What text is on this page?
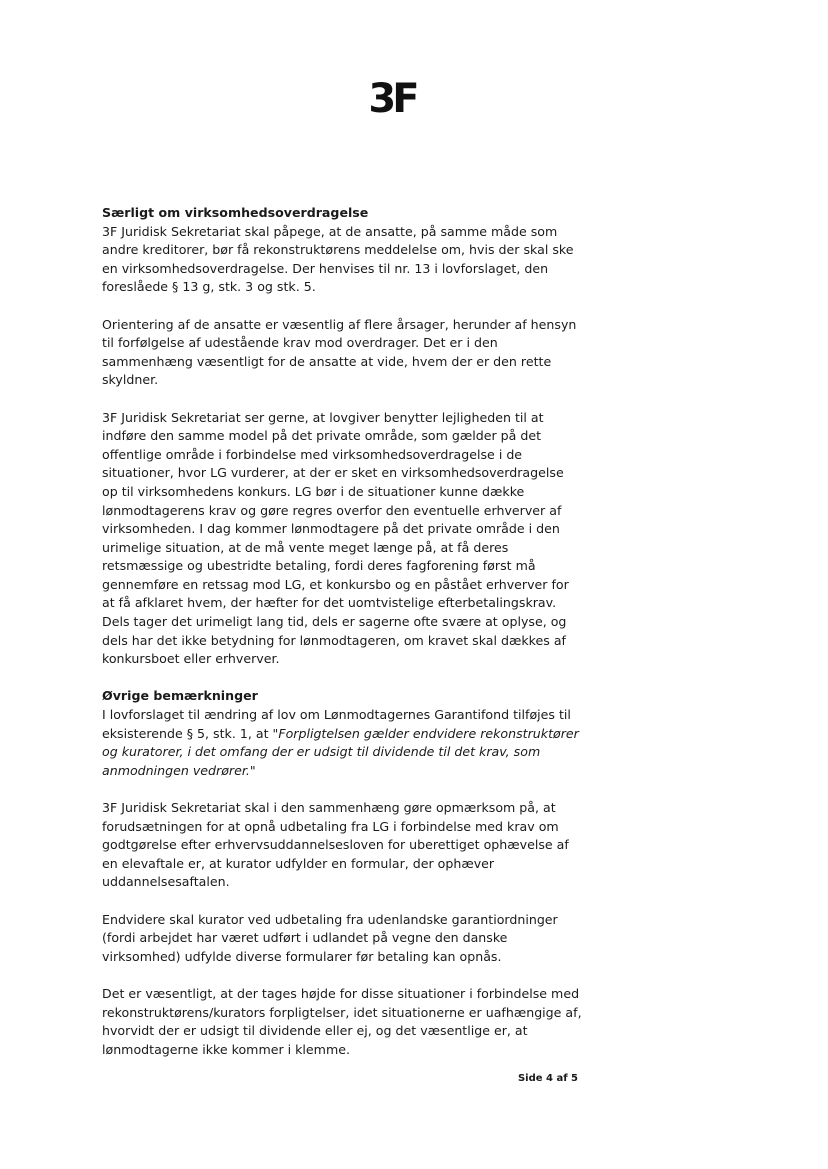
3F

Særligt om virksomhedsoverdragelse

3F Juridisk Sekretariat skal påpege, at de ansatte, på samme måde som andre kreditorer, bør få rekonstruktørens meddelelse om, hvis der skal ske en virksomhedsoverdragelse. Der henvises til nr. 13 i lovforslaget, den foreslåede § 13 g, stk. 3 og stk. 5.

Orientering af de ansatte er væsentlig af flere årsager, herunder af hensyn til forfølgelse af udestående krav mod overdrager. Det er i den sammenhæng væsentligt for de ansatte at vide, hvem der er den rette skyldner.

3F Juridisk Sekretariat ser gerne, at lovgiver benytter lejligheden til at indføre den samme model på det private område, som gælder på det offentlige område i forbindelse med virksomhedsoverdragelse i de situationer, hvor LG vurderer, at der er sket en virksomhedsoverdragelse op til virksomhedens konkurs. LG bør i de situationer kunne dække lønmodtagerens krav og gøre regres overfor den eventuelle erhverver af virksomheden. I dag kommer lønmodtagere på det private område i den urimelige situation, at de må vente meget længe på, at få deres retsmæssige og ubestridte betaling, fordi deres fagforening først må gennemføre en retssag mod LG, et konkursbo og en påstået erhverver for at få afklaret hvem, der hæfter for det uomtvistelige efterbetalingskrav. Dels tager det urimeligt lang tid, dels er sagerne ofte svære at oplyse, og dels har det ikke betydning for lønmodtageren, om kravet skal dækkes af konkursboet eller erhverver.

Øvrige bemærkninger

I lovforslaget til ændring af lov om Lønmodtagernes Garantifond tilføjes til eksisterende § 5, stk. 1, at "Forpligtelsen gælder endvidere rekonstruktører og kuratorer, i det omfang der er udsigt til dividende til det krav, som anmodningen vedrører."

3F Juridisk Sekretariat skal i den sammenhæng gøre opmærksom på, at forudsætningen for at opnå udbetaling fra LG i forbindelse med krav om godtgørelse efter erhvervsuddannelsesloven for uberettiget ophævelse af en elevaftale er, at kurator udfylder en formular, der ophæver uddannelsesaftalen.

Endvidere skal kurator ved udbetaling fra udenlandske garantiordninger (fordi arbejdet har været udført i udlandet på vegne den danske virksomhed) udfylde diverse formularer før betaling kan opnås.

Det er væsentligt, at der tages højde for disse situationer i forbindelse med rekonstruktørens/kurators forpligtelser, idet situationerne er uafhængige af, hvorvidt der er udsigt til dividende eller ej, og det væsentlige er, at lønmodtagerne ikke kommer i klemme.

Side 4 af 5
